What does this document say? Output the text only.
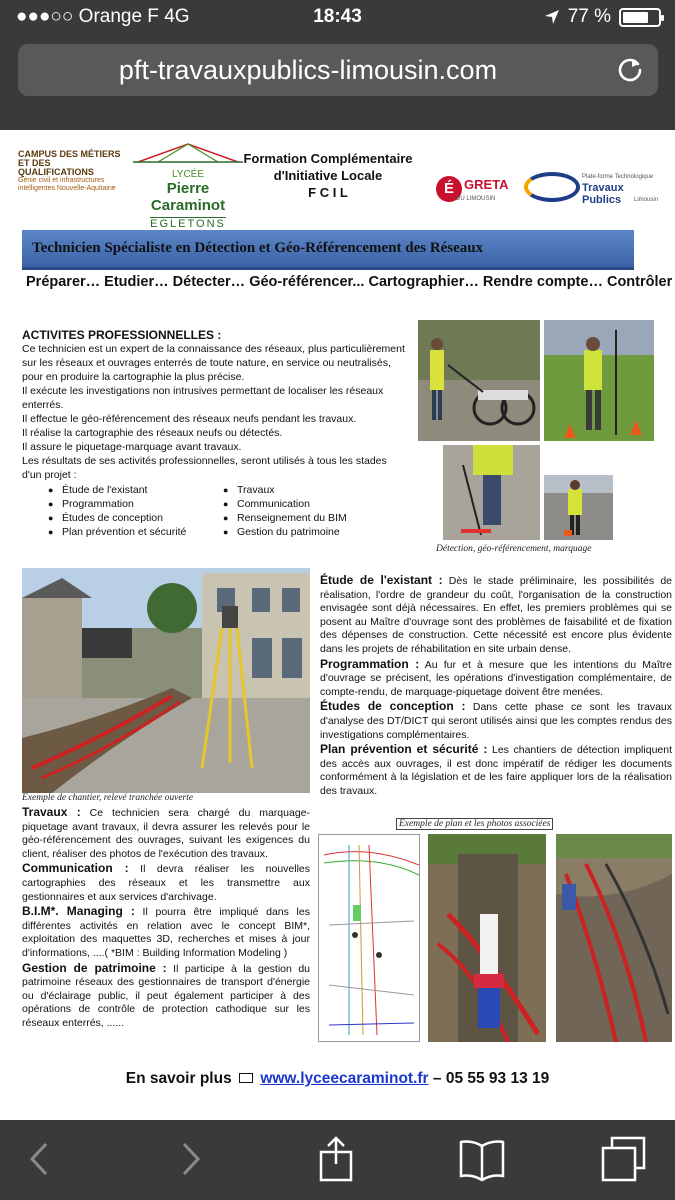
●●●○○ Orange F 4G	18:43	77 %
pft-travauxpublics-limousin.com
CAMPUS DES MÉTIERS ET DES QUALIFICATIONS
Génie civil et infrastructures intelligentes Nouvelle-Aquitaine
LYCÉE
Pierre Caraminot
EGLETONS
Formation Complémentaire
d'Initiative Locale
F C I L	É GRETA
DU LIMOUSIN
Plate-forme Technologique
Travaux Publics	Limousin
Technicien Spécialiste en Détection et Géo-Référencement des Réseaux
Préparer… Etudier… Détecter… Géo-référencer... Cartographier… Rendre compte… Contrôler
ACTIVITES PROFESSIONNELLES :

Ce technicien est un expert de la connaissance des réseaux, plus particulièrement sur les réseaux et ouvrages enterrés de toute nature, en service ou neutralisés, pour en produire la cartographie la plus précise.

Il exécute les investigations non intrusives permettant de localiser les réseaux enterrés.

Il effectue le géo-référencement des réseaux neufs pendant les travaux.

Il réalise la cartographie des réseaux neufs ou détectés.

Il assure le piquetage-marquage avant travaux.

Les résultats de ses activités professionnelles, seront utilisés à tous les stades d'un projet :

● Étude de l'existant
● Programmation
● Études de conception
● Plan prévention et sécurité
● Travaux
● Communication
● Renseignement du BIM
● Gestion du patrimoine
Détection, géo-référencement, marquage
Exemple de chantier, relevé tranchée ouverte

Étude de l'existant : Dès le stade préliminaire, les possibilités de réalisation, l'ordre de grandeur du coût, l'organisation de la construction envisagée sont déjà nécessaires. En effet, les premiers problèmes qui se posent au Maître d'ouvrage sont des problèmes de faisabilité et de fixation des dépenses de construction. Cette nécessité est encore plus évidente dans les projets de réhabilitation en site urbain dense.

Programmation : Au fur et à mesure que les intentions du Maître d'ouvrage se précisent, les opérations d'investigation complémentaire, de compte-rendu, de marquage-piquetage doivent être menées.

Études de conception : Dans cette phase ce sont les travaux d'analyse des DT/DICT qui seront utilisés ainsi que les comptes rendus des investigations complémentaires.

Plan prévention et sécurité : Les chantiers de détection impliquent des accès aux ouvrages, il est donc impératif de rédiger les documents conformément à la législation et de les faire appliquer lors de la réalisation des travaux.

Travaux : Ce technicien sera chargé du marquage-piquetage avant travaux, il devra assurer les relevés pour le géo-référencement des ouvrages, suivant les exigences du client, réaliser des photos de l'exécution des travaux.

Communication : Il devra réaliser les nouvelles cartographies des réseaux et les transmettre aux gestionnaires et aux services d'archivage.

B.I.M*. Managing : Il pourra être impliqué dans les différentes activités en relation avec le concept BIM*, exploitation des maquettes 3D, recherches et mises à jour d'informations, ....( *BIM : Building Information Modeling )

Gestion de patrimoine : Il participe à la gestion du patrimoine réseaux des gestionnaires de transport d'énergie ou d'éclairage public, il peut également participer à des opérations de contrôle de protection cathodique sur les réseaux enterrés, ......

Exemple de plan et les photos associées
En savoir plus www.lyceecaraminot.fr – 05 55 93 13 19
